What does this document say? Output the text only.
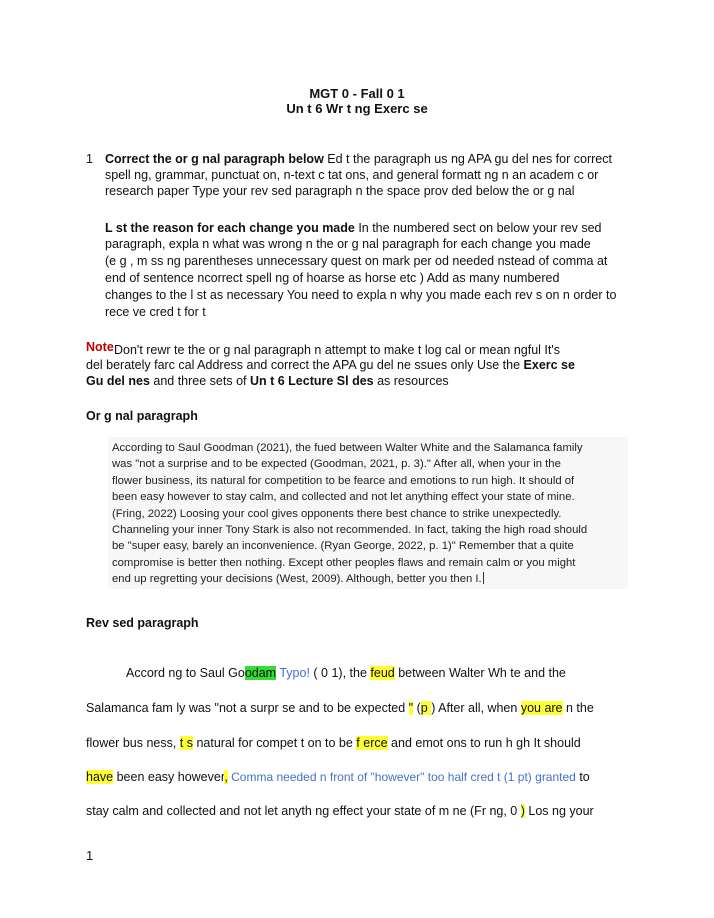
MGT 0 - Fall 0 1
Un t 6 Wr t ng Exerc se
1 Correct the or g nal paragraph below Ed t the paragraph us ng APA gu del nes for correct
spell ng, grammar, punctuat on, n-text c tat ons, and general formatt ng n an academ c or
research paper Type your rev sed paragraph n the space prov ded below the or g nal
L st the reason for each change you made In the numbered sect on below your rev sed
paragraph, expla n what was wrong n the or g nal paragraph for each change you made
(e g , m ss ng parentheses unnecessary quest on mark per od needed nstead of comma at
end of sentence ncorrect spell ng of hoarse as horse etc ) Add as many numbered
changes to the l st as necessary You need to expla n why you made each rev s on n order to
rece ve cred t for t
Note Don't rewr te the or g nal paragraph n attempt to make t log cal or mean ngful It's
del berately farc cal Address and correct the APA gu del ne ssues only Use the Exerc se
Gu del nes and three sets of Un t 6 Lecture Sl des as resources
Or g nal paragraph
According to Saul Goodman (2021), the fued between Walter White and the Salamanca family
was "not a surprise and to be expected (Goodman, 2021, p. 3)." After all, when your in the
flower business, its natural for competition to be fearce and emotions to run high. It should of
been easy however to stay calm, and collected and not let anything effect your state of mine.
(Fring, 2022) Loosing your cool gives opponents there best chance to strike unexpectedly.
Channeling your inner Tony Stark is also not recommended. In fact, taking the high road should
be "super easy, barely an inconvenience. (Ryan George, 2022, p. 1)" Remember that a quite
compromise is better then nothing. Except other peoples flaws and remain calm or you might
end up regretting your decisions (West, 2009). Although, better you then I.
Rev sed paragraph
Accord ng to Saul Goodam Typo! ( 0 1), the feud between Walter Wh te and the
Salamanca fam ly was "not a surpr se and to be expected " (p ) After all, when you are n the
flower bus ness, t s natural for compet t on to be f erce and emot ons to run h gh It should
have been easy however, Comma needed n front of "however" too half cred t (1 pt) granted to
stay calm and collected and not let anyth ng effect your state of m ne (Fr ng, 0 ) Los ng your
1
